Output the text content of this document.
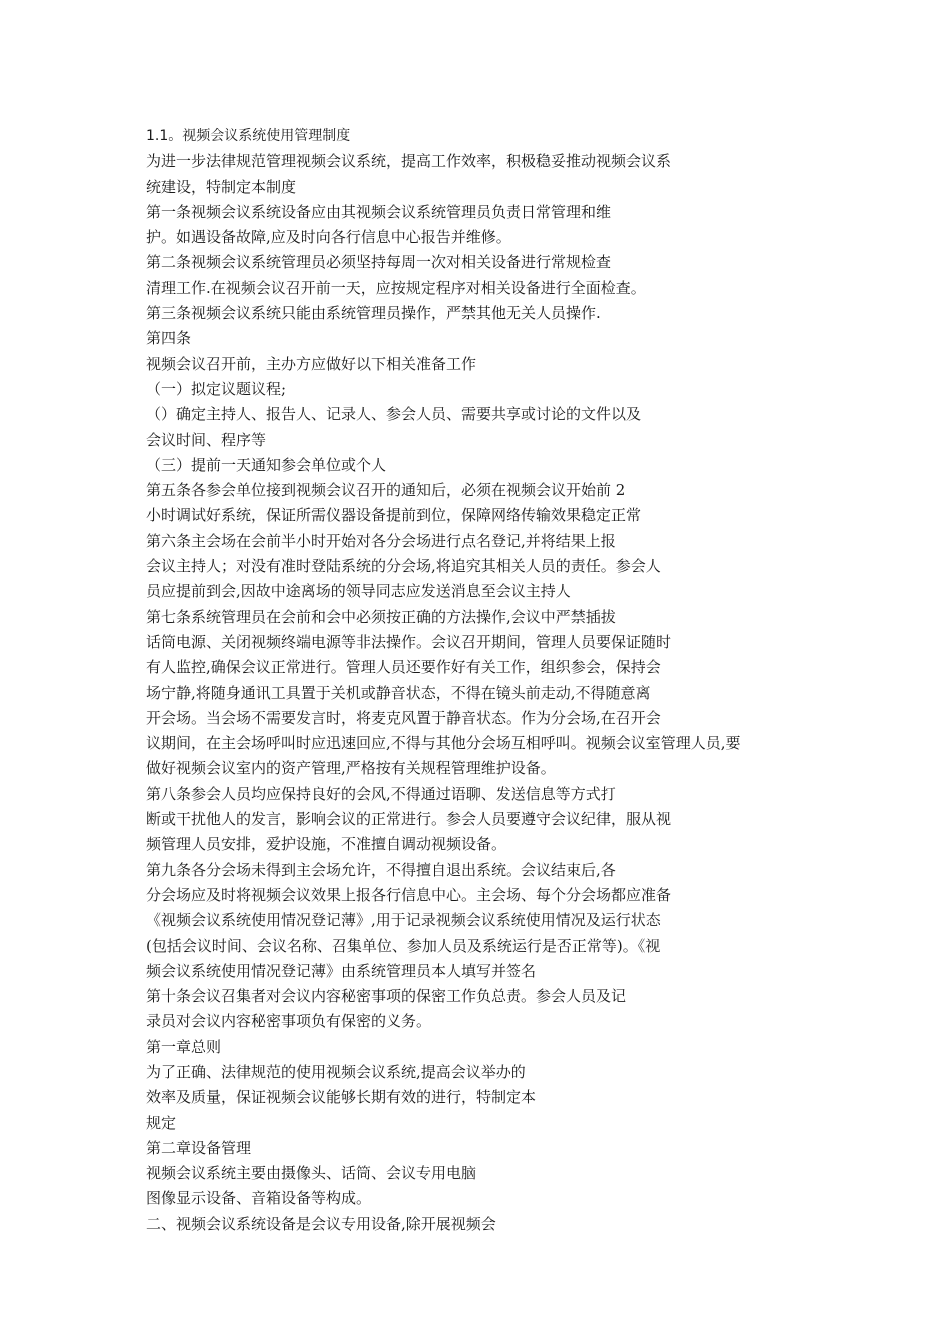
1.1。视频会议系统使用管理制度
为进一步法律规范管理视频会议系统，提高工作效率，积极稳妥推动视频会议系
统建设，特制定本制度
第一条视频会议系统设备应由其视频会议系统管理员负责日常管理和维
护。如遇设备故障,应及时向各行信息中心报告并维修。
第二条视频会议系统管理员必须坚持每周一次对相关设备进行常规检查
清理工作.在视频会议召开前一天，应按规定程序对相关设备进行全面检查。
第三条视频会议系统只能由系统管理员操作，严禁其他无关人员操作.
第四条
视频会议召开前，主办方应做好以下相关准备工作
（一）拟定议题议程;
（）确定主持人、报告人、记录人、参会人员、需要共享或讨论的文件以及
会议时间、程序等
（三）提前一天通知参会单位或个人
第五条各参会单位接到视频会议召开的通知后，必须在视频会议开始前 2
小时调试好系统，保证所需仪器设备提前到位，保障网络传输效果稳定正常
第六条主会场在会前半小时开始对各分会场进行点名登记,并将结果上报
会议主持人；对没有准时登陆系统的分会场,将追究其相关人员的责任。参会人
员应提前到会,因故中途离场的领导同志应发送消息至会议主持人
第七条系统管理员在会前和会中必须按正确的方法操作,会议中严禁插拔
话筒电源、关闭视频终端电源等非法操作。会议召开期间，管理人员要保证随时
有人监控,确保会议正常进行。管理人员还要作好有关工作，组织参会，保持会
场宁静,将随身通讯工具置于关机或静音状态，不得在镜头前走动,不得随意离
开会场。当会场不需要发言时，将麦克风置于静音状态。作为分会场,在召开会
议期间，在主会场呼叫时应迅速回应,不得与其他分会场互相呼叫。视频会议室管理人员,要
做好视频会议室内的资产管理,严格按有关规程管理维护设备。
第八条参会人员均应保持良好的会风,不得通过语聊、发送信息等方式打
断或干扰他人的发言，影响会议的正常进行。参会人员要遵守会议纪律，服从视
频管理人员安排，爱护设施，不准擅自调动视频设备。
第九条各分会场未得到主会场允许，不得擅自退出系统。会议结束后,各
分会场应及时将视频会议效果上报各行信息中心。主会场、每个分会场都应准备
《视频会议系统使用情况登记薄》,用于记录视频会议系统使用情况及运行状态
(包括会议时间、会议名称、召集单位、参加人员及系统运行是否正常等)。《视
频会议系统使用情况登记薄》由系统管理员本人填写并签名
第十条会议召集者对会议内容秘密事项的保密工作负总责。参会人员及记
录员对会议内容秘密事项负有保密的义务。
第一章总则
为了正确、法律规范的使用视频会议系统,提高会议举办的
效率及质量，保证视频会议能够长期有效的进行，特制定本
规定
第二章设备管理
视频会议系统主要由摄像头、话筒、会议专用电脑
图像显示设备、音箱设备等构成。
二、视频会议系统设备是会议专用设备,除开展视频会
